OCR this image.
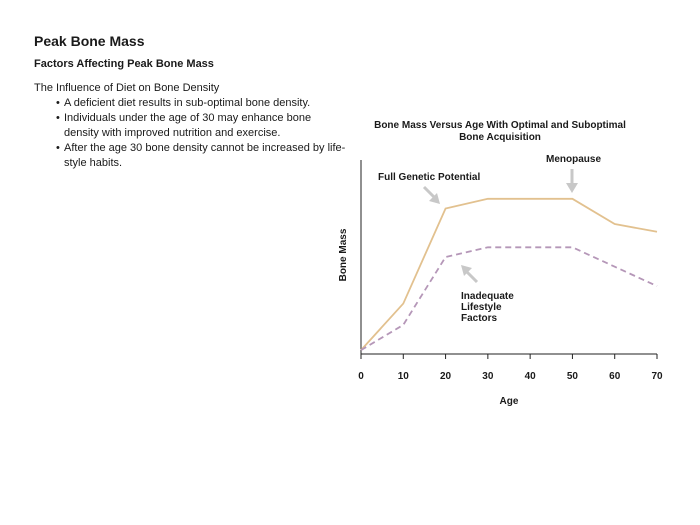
Peak Bone Mass
Factors Affecting Peak Bone Mass
The Influence of Diet on Bone Density
• A deficient diet results in sub-optimal bone density.
• Individuals under the age of 30 may enhance bone density with improved nutrition and exercise.
• After the age 30 bone density cannot be increased by life-style habits.
Bone Mass Versus Age With Optimal and Suboptimal
Bone Acquisition
Bone Mass
Age
0	10	20	30	40	50	60	70
Full Genetic Potential
Menopause
Inadequate
Lifestyle
Factors
